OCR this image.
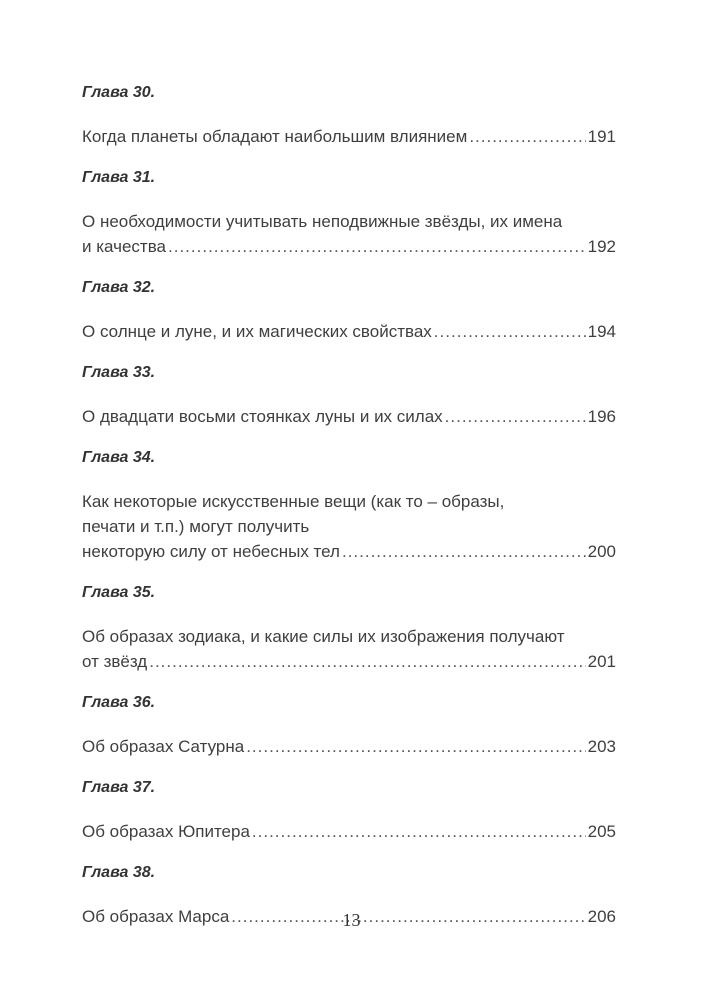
Глава 30.
Когда планеты обладают наибольшим влиянием .....	191
Глава 31.
О необходимости учитывать неподвижные звёзды, их имена
и качества .....	192
Глава 32.
О солнце и луне, и их магических свойствах .....	194
Глава 33.
О двадцати восьми стоянках луны и их силах .....	196
Глава 34.
Как некоторые искусственные вещи (как то – образы,
печати и т.п.) могут получить
некоторую силу от небесных тел .....	200
Глава 35.
Об образах зодиака, и какие силы их изображения получают
от звёзд .....	201
Глава 36.
Об образах Сатурна .....	203
Глава 37.
Об образах Юпитера .....	205
Глава 38.
Об образах Марса .....	206
13
